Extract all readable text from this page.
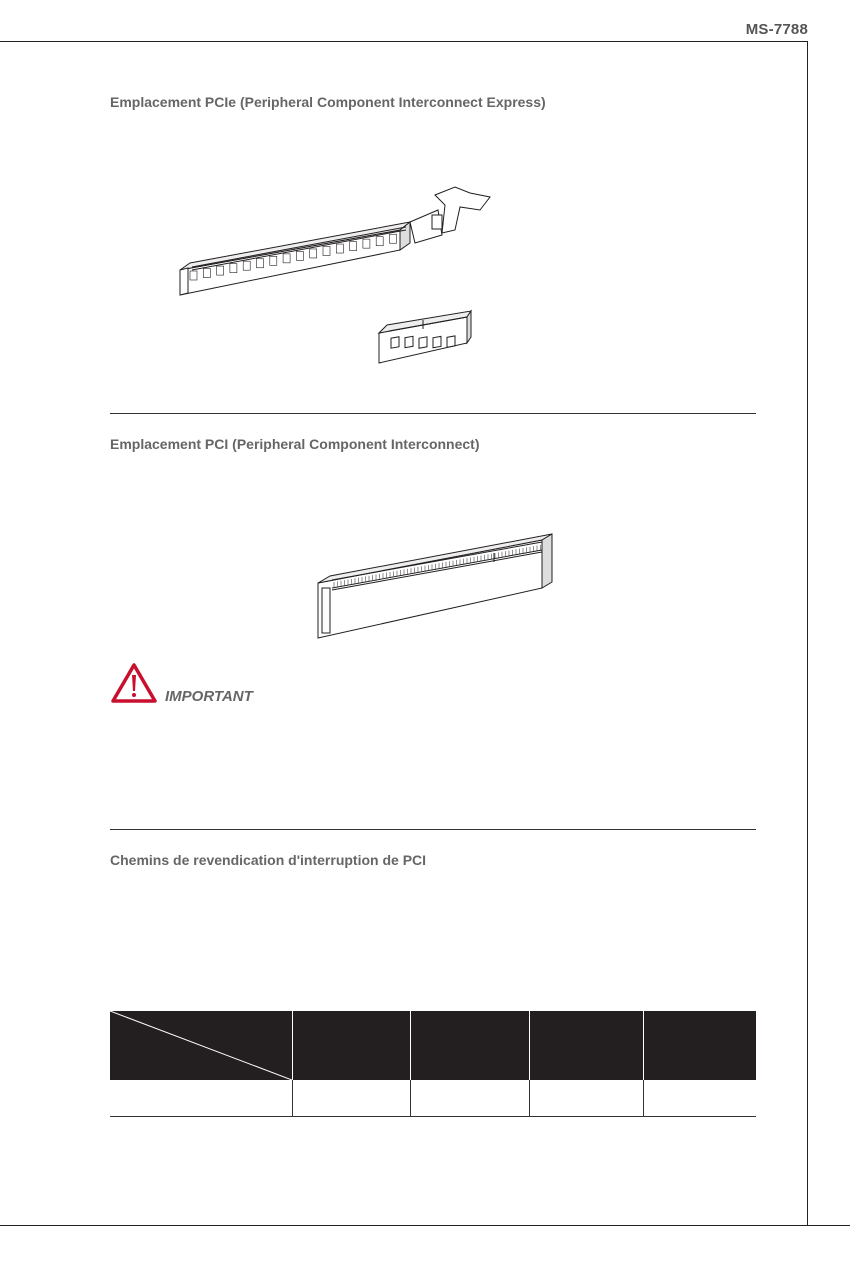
MS-7788
Emplacement PCIe (Peripheral Component Interconnect Express)
Emplacement PCI (Peripheral Component Interconnect)
IMPORTANT
Chemins de revendication d'interruption de PCI
